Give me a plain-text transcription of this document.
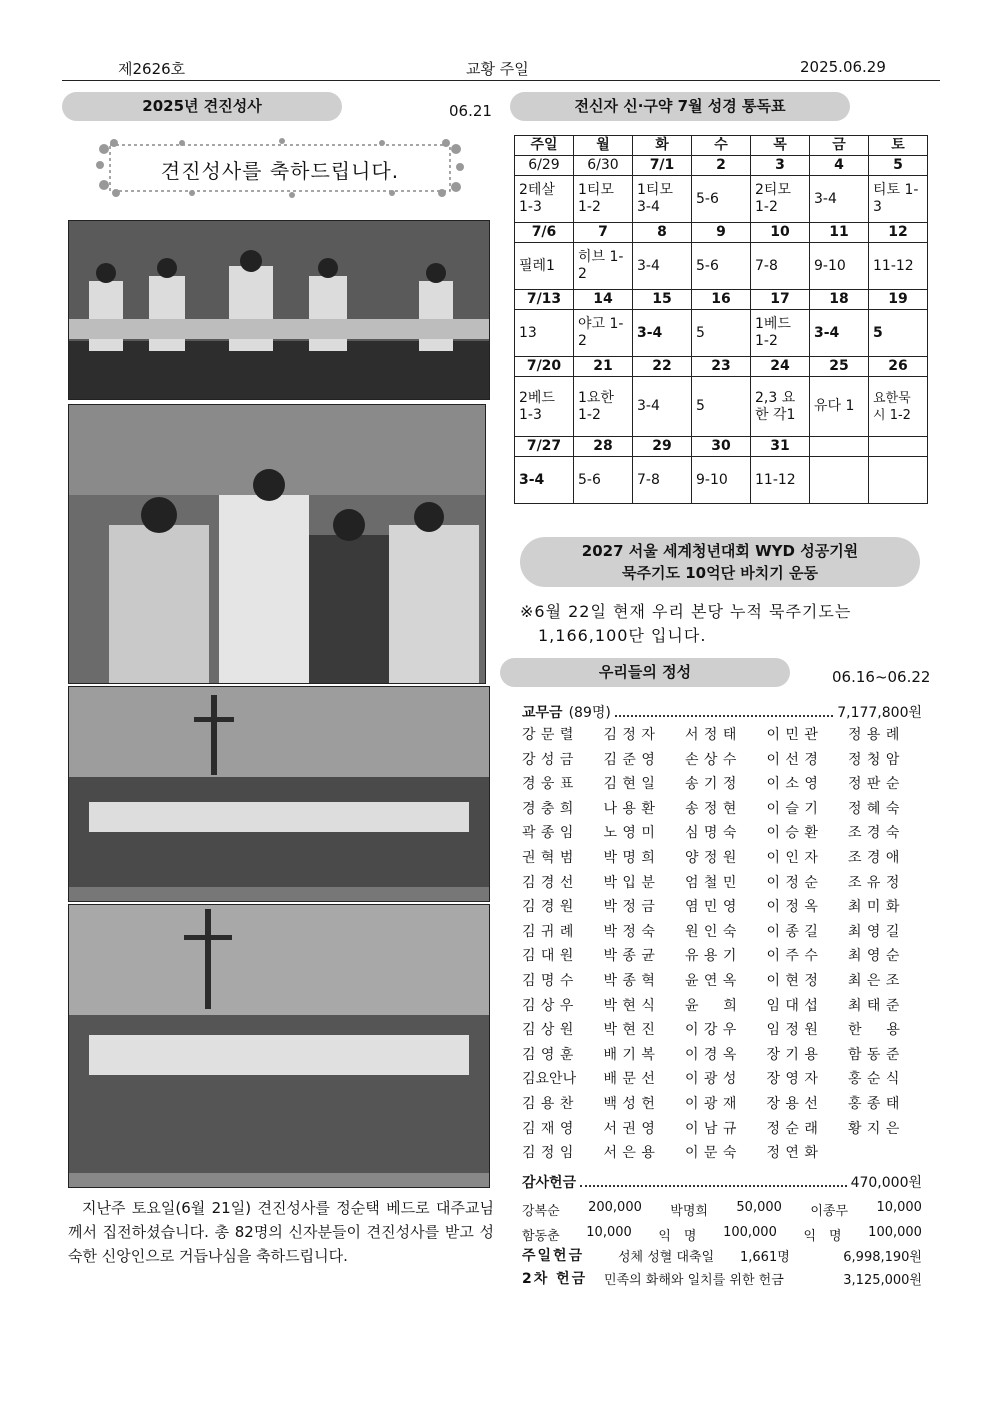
제2626호	교황 주일	2025.06.29
2025년 견진성사	06.21
견진성사를 축하드립니다.
지난주 토요일(6월 21일) 견진성사를 정순택 베드로 대주교님께서 집전하셨습니다. 총 82명의 신자분들이 견진성사를 받고 성숙한 신앙인으로 거듭나심을 축하드립니다.
전신자 신·구약 7월 성경 통독표
주일	월	화	수	목	금	토
6/29	6/30	7/1	2	3	4	5
2테살 1-3	1티모 1-2	1티모 3-4	5-6	2티모 1-2	3-4	티토 1-3
7/6	7	8	9	10	11	12
필레1	히브 1-2	3-4	5-6	7-8	9-10	11-12
7/13	14	15	16	17	18	19
13	야고 1-2	3-4	5	1베드 1-2	3-4	5
7/20	21	22	23	24	25	26
2베드 1-3	1요한 1-2	3-4	5	2,3 요한 각1	유다 1	요한묵시 1-2
7/27	28	29	30	31		
3-4	5-6	7-8	9-10	11-12		
2027 서울 세계청년대회 WYD 성공기원
묵주기도 10억단 바치기 운동
※6월 22일 현재 우리 본당 누적 묵주기도는
1,166,100단 입니다.
우리들의 정성	06.16~06.22
교무금 (89명)	7,177,800원
강문렬	김정자	서정태	이민관	정용례
강성금	김준영	손상수	이선경	정청암
경웅표	김현일	송기정	이소영	정판순
경충희	나용환	송정현	이슬기	정혜숙
곽종임	노영미	심명숙	이승환	조경숙
권혁범	박명희	양정원	이인자	조경애
김경선	박입분	엄철민	이정순	조유정
김경원	박정금	염민영	이정옥	최미화
김귀례	박정숙	원인숙	이종길	최영길
김대원	박종균	유용기	이주수	최영순
김명수	박종혁	윤연옥	이현정	최은조
김상우	박현식	윤　희	임대섭	최태준
김상원	박현진	이강우	임정원	한　용
김영훈	배기복	이경옥	장기용	함동준
김요안나	배문선	이광성	장영자	홍순식
김용찬	백성헌	이광재	장용선	홍종태
김재영	서권영	이남규	정순래	황지은
김정임	서은용	이문숙	정연화
감사헌금	470,000원
강복순 200,000 박명희 50,000 이종무 10,000
함동춘 10,000 익　명 100,000 익　명 100,000
주일헌금	성체 성혈 대축일	1,661명	6,998,190원
2차 헌금	민족의 화해와 일치를 위한 헌금	3,125,000원
